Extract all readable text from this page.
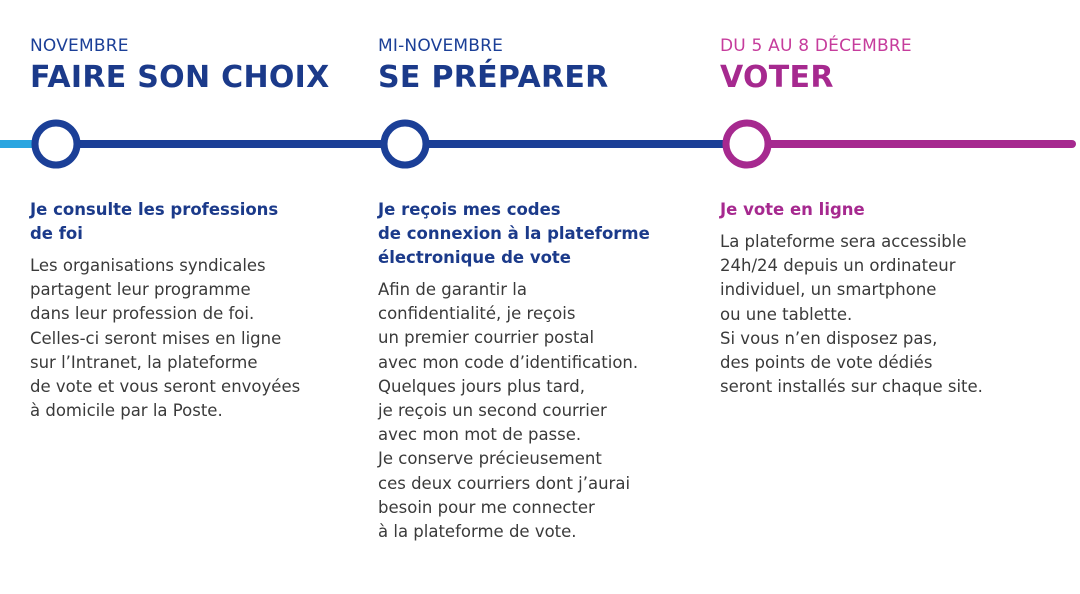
NOVEMBRE
FAIRE SON CHOIX
Je consulte les professions
de foi
Les organisations syndicales
partagent leur programme
dans leur profession de foi.
Celles-ci seront mises en ligne
sur l’Intranet, la plateforme
de vote et vous seront envoyées
à domicile par la Poste.
MI-NOVEMBRE
SE PRÉPARER
Je reçois mes codes
de connexion à la plateforme
électronique de vote
Afin de garantir la
confidentialité, je reçois
un premier courrier postal
avec mon code d’identification.
Quelques jours plus tard,
je reçois un second courrier
avec mon mot de passe.
Je conserve précieusement
ces deux courriers dont j’aurai
besoin pour me connecter
à la plateforme de vote.
DU 5 AU 8 DÉCEMBRE
VOTER
Je vote en ligne
La plateforme sera accessible
24h/24 depuis un ordinateur
individuel, un smartphone
ou une tablette.
Si vous n’en disposez pas,
des points de vote dédiés
seront installés sur chaque site.
